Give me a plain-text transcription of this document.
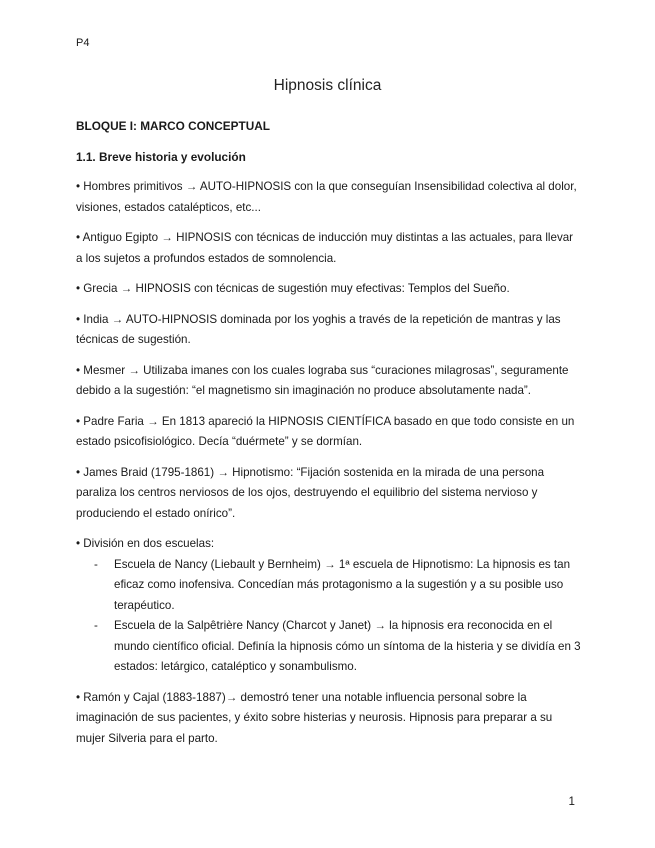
P4
Hipnosis clínica
BLOQUE I: MARCO CONCEPTUAL
1.1. Breve historia y evolución

• Hombres primitivos → AUTO-HIPNOSIS con la que conseguían Insensibilidad colectiva al dolor, visiones, estados catalépticos, etc...

• Antiguo Egipto → HIPNOSIS con técnicas de inducción muy distintas a las actuales, para llevar a los sujetos a profundos estados de somnolencia.

• Grecia → HIPNOSIS con técnicas de sugestión muy efectivas: Templos del Sueño.

• India → AUTO-HIPNOSIS dominada por los yoghis a través de la repetición de mantras y las técnicas de sugestión.

• Mesmer → Utilizaba imanes con los cuales lograba sus “curaciones milagrosas”, seguramente debido a la sugestión: “el magnetismo sin imaginación no produce absolutamente nada”.

• Padre Faria → En 1813 apareció la HIPNOSIS CIENTÍFICA basado en que todo consiste en un estado psicofisiológico. Decía “duérmete” y se dormían.

• James Braid (1795-1861) → Hipnotismo: “Fijación sostenida en la mirada de una persona paraliza los centros nerviosos de los ojos, destruyendo el equilibrio del sistema nervioso y produciendo el estado onírico”.

• División en dos escuelas:
- Escuela de Nancy (Liebault y Bernheim) → 1ª escuela de Hipnotismo: La hipnosis es tan eficaz como inofensiva. Concedían más protagonismo a la sugestión y a su posible uso terapéutico.
- Escuela de la Salpêtrière Nancy (Charcot y Janet) → la hipnosis era reconocida en el mundo científico oficial. Definía la hipnosis cómo un síntoma de la histeria y se dividía en 3 estados: letárgico, cataléptico y sonambulismo.

• Ramón y Cajal (1883-1887)→ demostró tener una notable influencia personal sobre la imaginación de sus pacientes, y éxito sobre histerias y neurosis. Hipnosis para preparar a su mujer Silveria para el parto.

1
